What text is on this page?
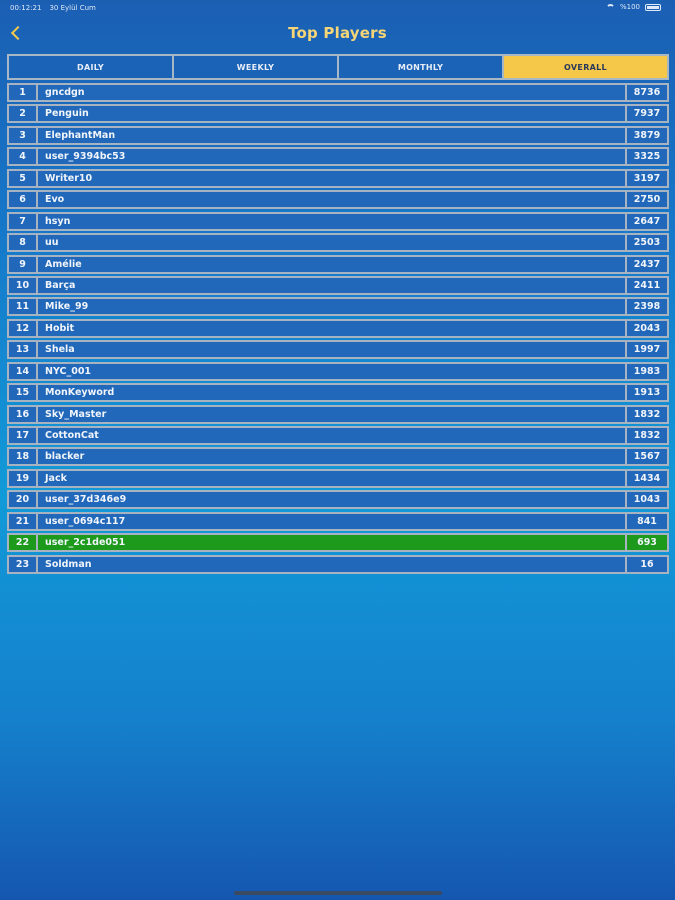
00:12:21 30 Eylül Cum	%100
Top Players
DAILY	WEEKLY	MONTHLY	OVERALL
1	gncdgn	8736
2	Penguin	7937
3	ElephantMan	3879
4	user_9394bc53	3325
5	Writer10	3197
6	Evo	2750
7	hsyn	2647
8	uu	2503
9	Amélie	2437
10	Barça	2411
11	Mike_99	2398
12	Hobit	2043
13	Shela	1997
14	NYC_001	1983
15	MonKeyword	1913
16	Sky_Master	1832
17	CottonCat	1832
18	blacker	1567
19	Jack	1434
20	user_37d346e9	1043
21	user_0694c117	841
22	user_2c1de051	693
23	Soldman	16
